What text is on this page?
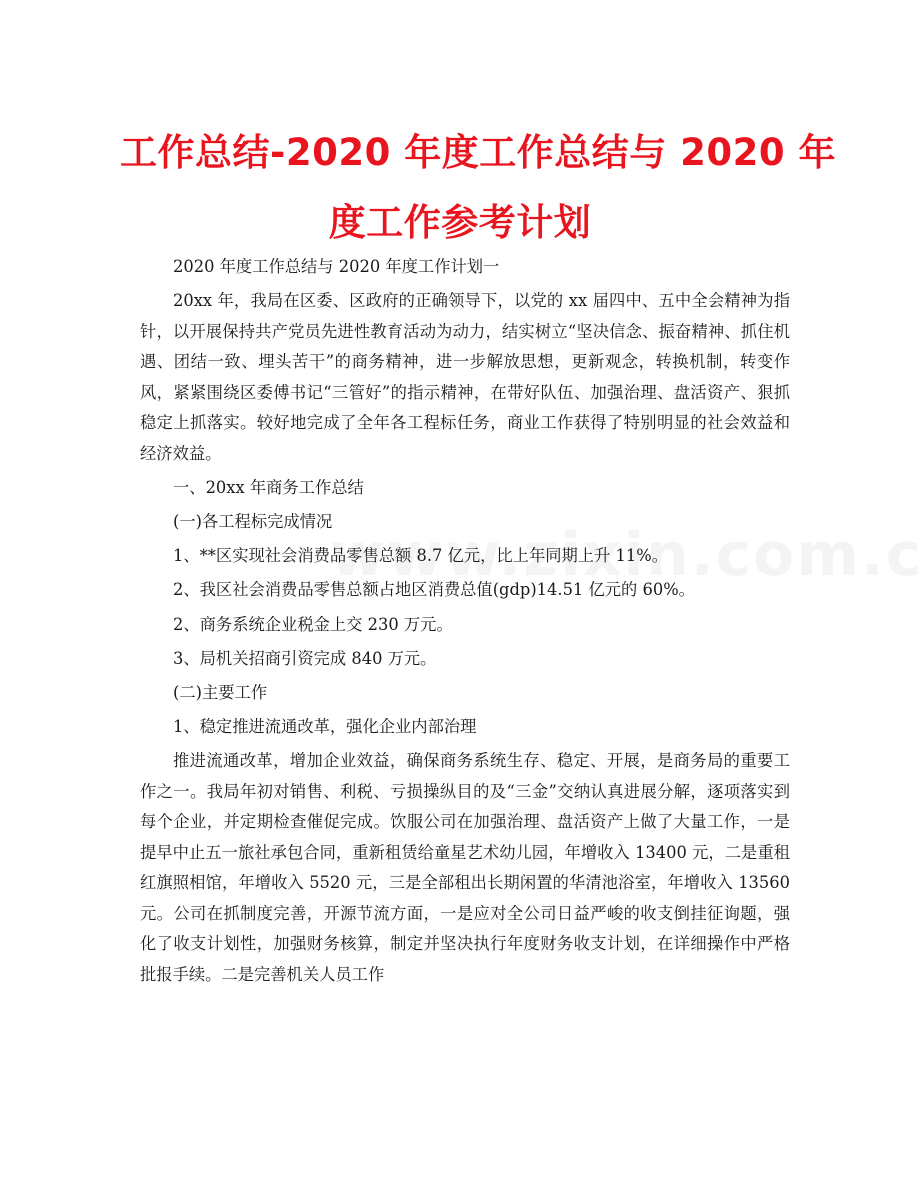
工作总结-2020 年度工作总结与 2020 年
度工作参考计划

2020 年度工作总结与 2020 年度工作计划一

20xx 年，我局在区委、区政府的正确领导下，以党的 xx 届四中、五中全会精神为指针，以开展保持共产党员先进性教育活动为动力，结实树立“坚决信念、振奋精神、抓住机遇、团结一致、埋头苦干”的商务精神，进一步解放思想，更新观念，转换机制，转变作风，紧紧围绕区委傅书记“三管好”的指示精神，在带好队伍、加强治理、盘活资产、狠抓稳定上抓落实。较好地完成了全年各工程标任务，商业工作获得了特别明显的社会效益和经济效益。

一、20xx 年商务工作总结

(一)各工程标完成情况

1、**区实现社会消费品零售总额 8.7 亿元，比上年同期上升 11%。

2、我区社会消费品零售总额占地区消费总值(gdp)14.51 亿元的 60%。

2、商务系统企业税金上交 230 万元。

3、局机关招商引资完成 840 万元。

(二)主要工作

1、稳定推进流通改革，强化企业内部治理

推进流通改革，增加企业效益，确保商务系统生存、稳定、开展，是商务局的重要工作之一。我局年初对销售、利税、亏损操纵目的及“三金”交纳认真进展分解，逐项落实到每个企业，并定期检查催促完成。饮服公司在加强治理、盘活资产上做了大量工作，一是提早中止五一旅社承包合同，重新租赁给童星艺术幼儿园，年增收入 13400 元，二是重租红旗照相馆，年增收入 5520 元，三是全部租出长期闲置的华清池浴室，年增收入 13560 元。公司在抓制度完善，开源节流方面，一是应对全公司日益严峻的收支倒挂征询题，强化了收支计划性，加强财务核算，制定并坚决执行年度财务收支计划，在详细操作中严格批报手续。二是完善机关人员工作
